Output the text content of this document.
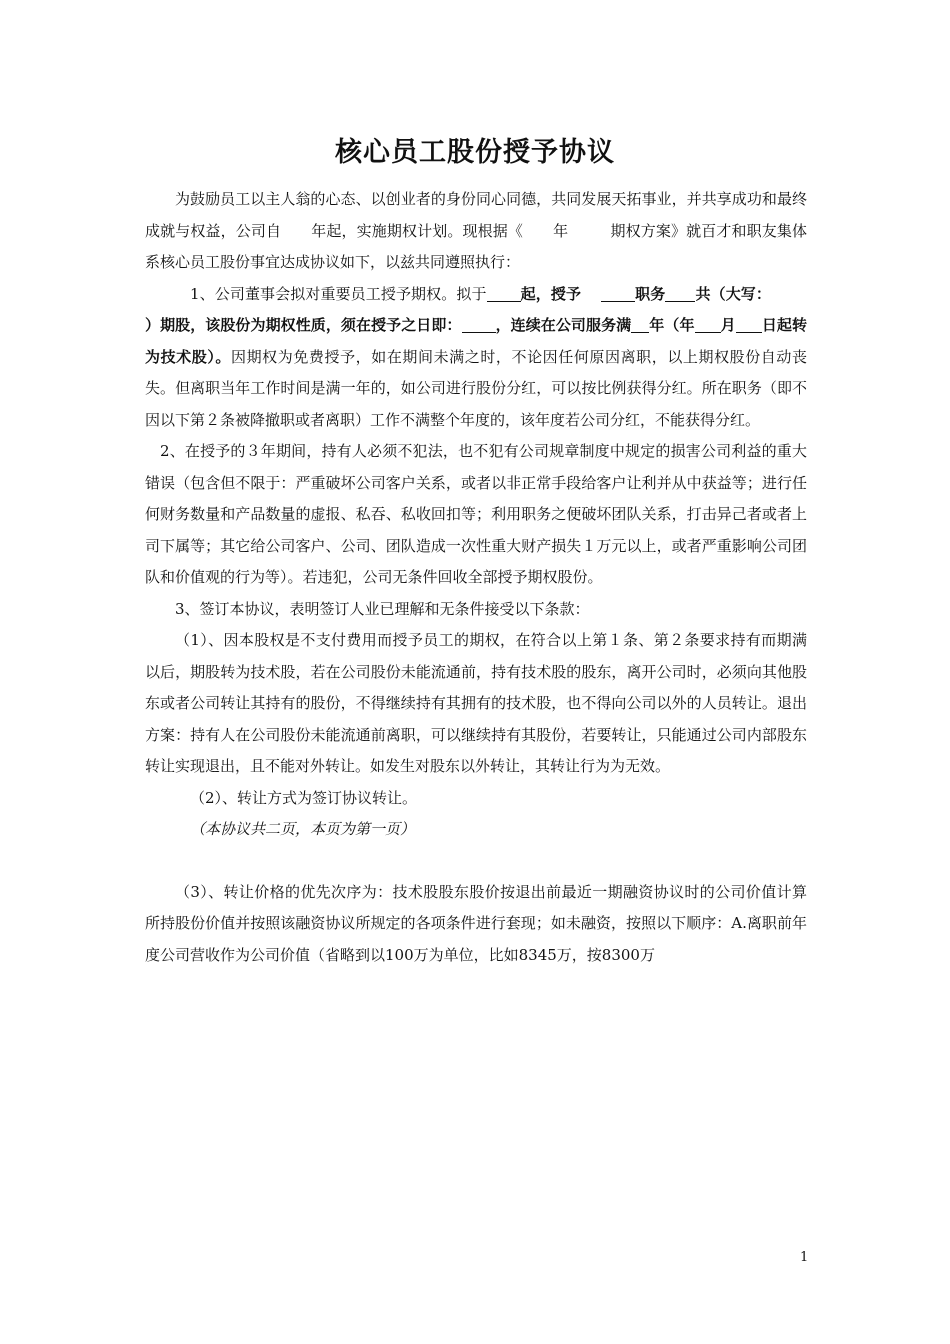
核心员工股份授予协议

为鼓励员工以主人翁的心态、以创业者的身份同心同德，共同发展天拓事业，并共享成功和最终成就与权益，公司自 年起，实施期权计划。现根据《 年	期权方案》就百才和职友集体系核心员工股份事宜达成协议如下，以兹共同遵照执行：

1、公司董事会拟对重要员工授予期权。拟于 起，授予	职务 共（大写：）期股，该股份为期权性质，须在授予之日即： ，连续在公司服务满 年（年 月 日起转为技术股）。因期权为免费授予，如在期间未满之时，不论因任何原因离职，以上期权股份自动丧失。但离职当年工作时间是满一年的，如公司进行股份分红，可以按比例获得分红。所在职务（即不因以下第２条被降撤职或者离职）工作不满整个年度的，该年度若公司分红，不能获得分红。

2、在授予的３年期间，持有人必须不犯法，也不犯有公司规章制度中规定的损害公司利益的重大错误（包含但不限于：严重破坏公司客户关系，或者以非正常手段给客户让利并从中获益等；进行任何财务数量和产品数量的虚报、私吞、私收回扣等；利用职务之便破坏团队关系，打击异己者或者上司下属等；其它给公司客户、公司、团队造成一次性重大财产损失１万元以上，或者严重影响公司团队和价值观的行为等）。若违犯，公司无条件回收全部授予期权股份。

3、签订本协议，表明签订人业已理解和无条件接受以下条款：

（1）、因本股权是不支付费用而授予员工的期权，在符合以上第１条、第２条要求持有而期满以后，期股转为技术股，若在公司股份未能流通前，持有技术股的股东，离开公司时，必须向其他股东或者公司转让其持有的股份，不得继续持有其拥有的技术股，也不得向公司以外的人员转让。退出方案：持有人在公司股份未能流通前离职，可以继续持有其股份，若要转让，只能通过公司内部股东转让实现退出，且不能对外转让。如发生对股东以外转让，其转让行为为无效。

（2）、转让方式为签订协议转让。

（本协议共二页，本页为第一页）

（3）、转让价格的优先次序为：技术股股东股价按退出前最近一期融资协议时的公司价值计算所持股份价值并按照该融资协议所规定的各项条件进行套现；如未融资，按照以下顺序：A.离职前年度公司营收作为公司价值（省略到以100万为单位，比如8345万，按8300万

1
